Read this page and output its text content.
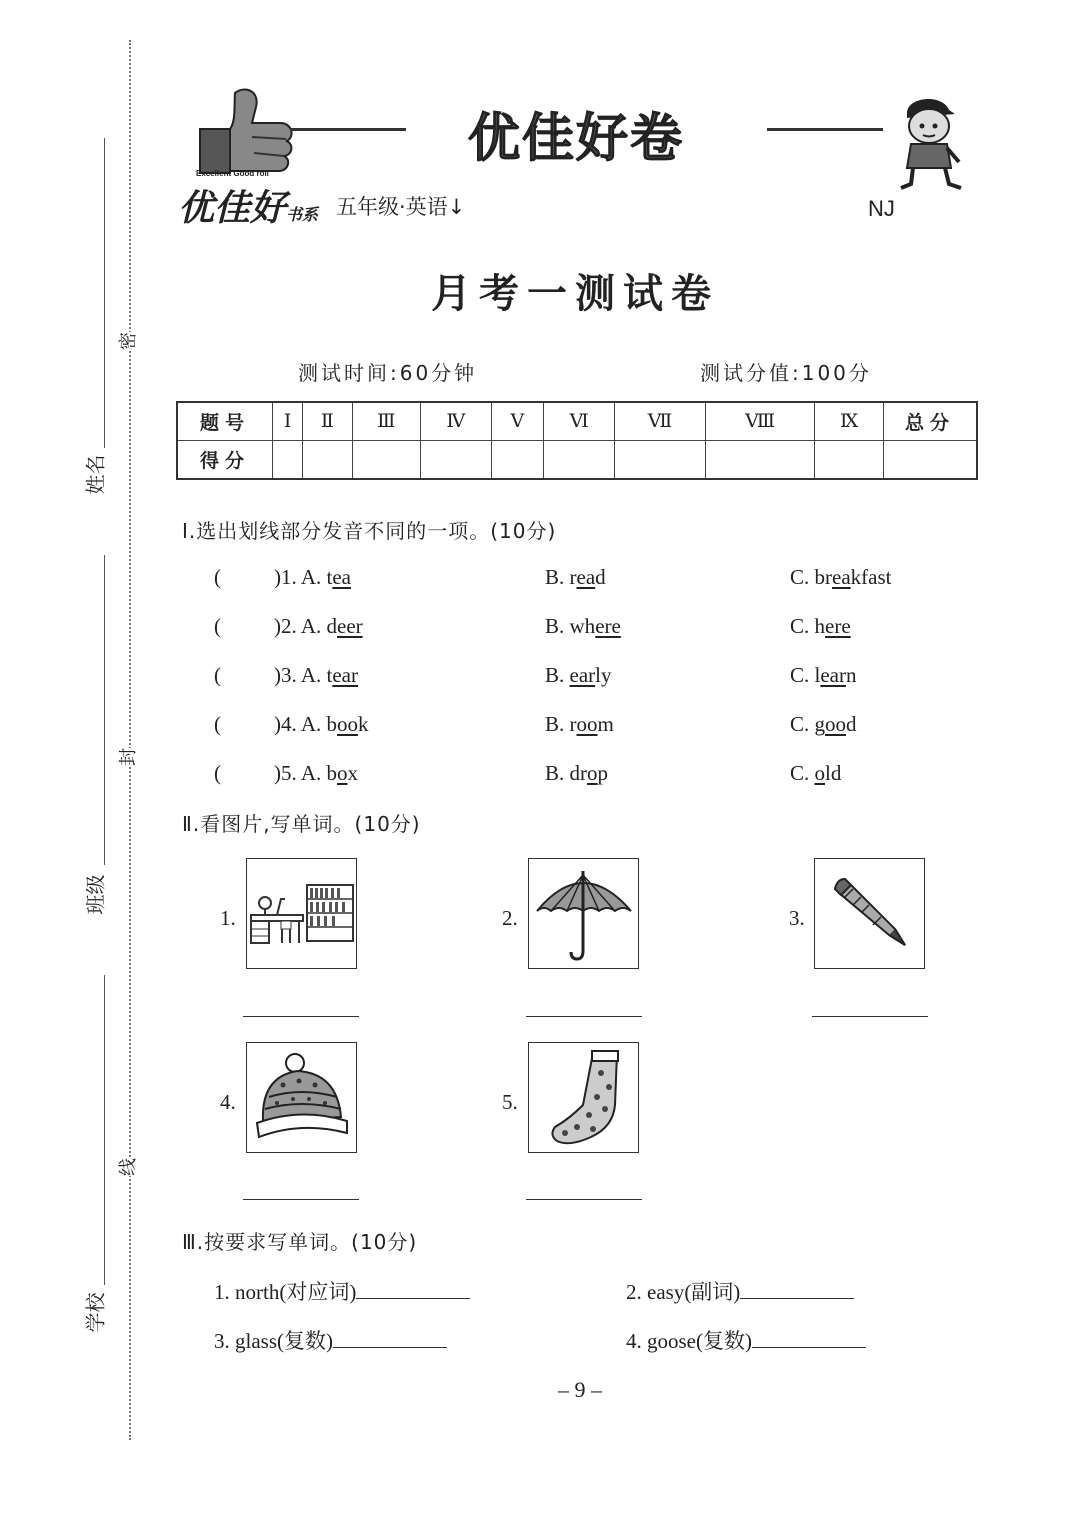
姓名
班级
学校
密
封
线
Excellent Good roll
优佳好卷
优佳好书系 五年级·英语↓	NJ
月考一测试卷
测试时间:60分钟	测试分值:100分
题号	Ⅰ	Ⅱ	Ⅲ	Ⅳ	Ⅴ	Ⅵ	Ⅶ	Ⅷ	Ⅸ	总分
得分										
Ⅰ.选出划线部分发音不同的一项。(10分)
(	)1. A. tea	B. read	C. breakfast
(	)2. A. deer	B. where	C. here
(	)3. A. tear	B. early	C. learn
(	)4. A. book	B. room	C. good
(	)5. A. box	B. drop	C. old
Ⅱ.看图片,写单词。(10分)
1.	2.	3.
4.	5.
Ⅲ.按要求写单词。(10分)
1. north(对应词)	2. easy(副词)
3. glass(复数)	4. goose(复数)
– 9 –
